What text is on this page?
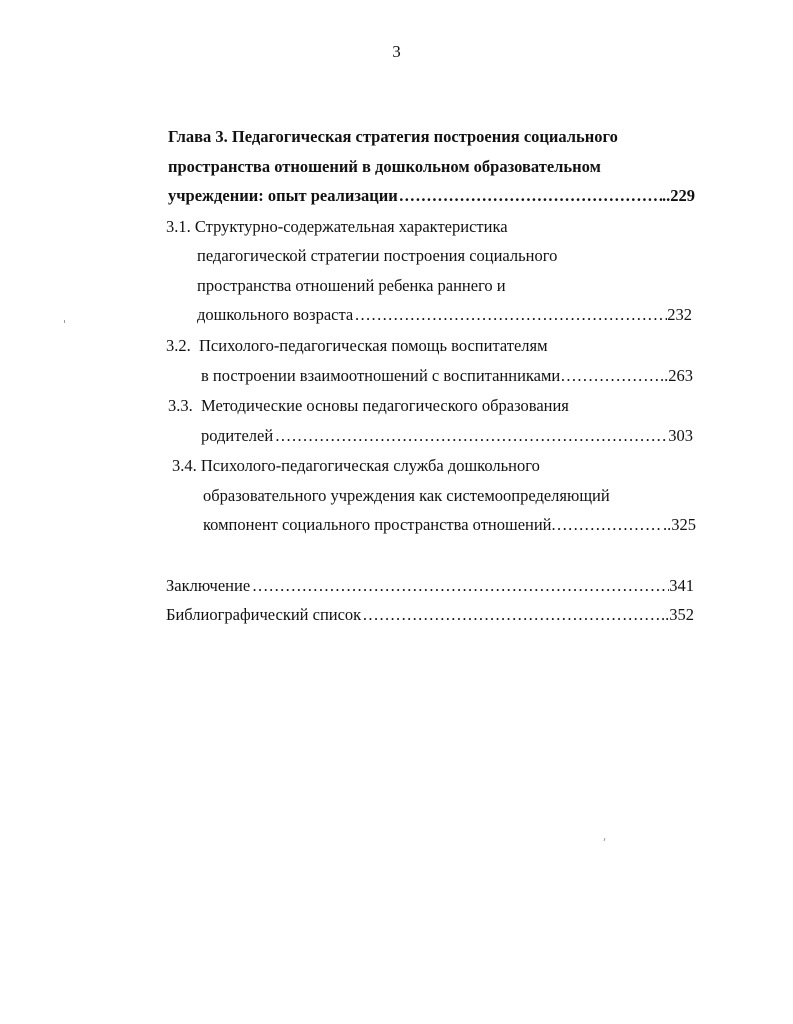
3
Глава 3. Педагогическая стратегия построения социального
пространства отношений в дошкольном образовательном
учреждении: опыт реализации .....	..229
3.1. Структурно-содержательная характеристика
педагогической стратегии построения социального
пространства отношений ребенка раннего и
дошкольного возраста .....	232
3.2. Психолого-педагогическая помощь воспитателям
в построении взаимоотношений с воспитанниками .....	..263
3.3. Методические основы педагогического образования
родителей .....	303
3.4. Психолого-педагогическая служба дошкольного
образовательного учреждения как системоопределяющий
компонент социального пространства отношений .....	..325
Заключение .....	341
Библиографический список .....	..352
